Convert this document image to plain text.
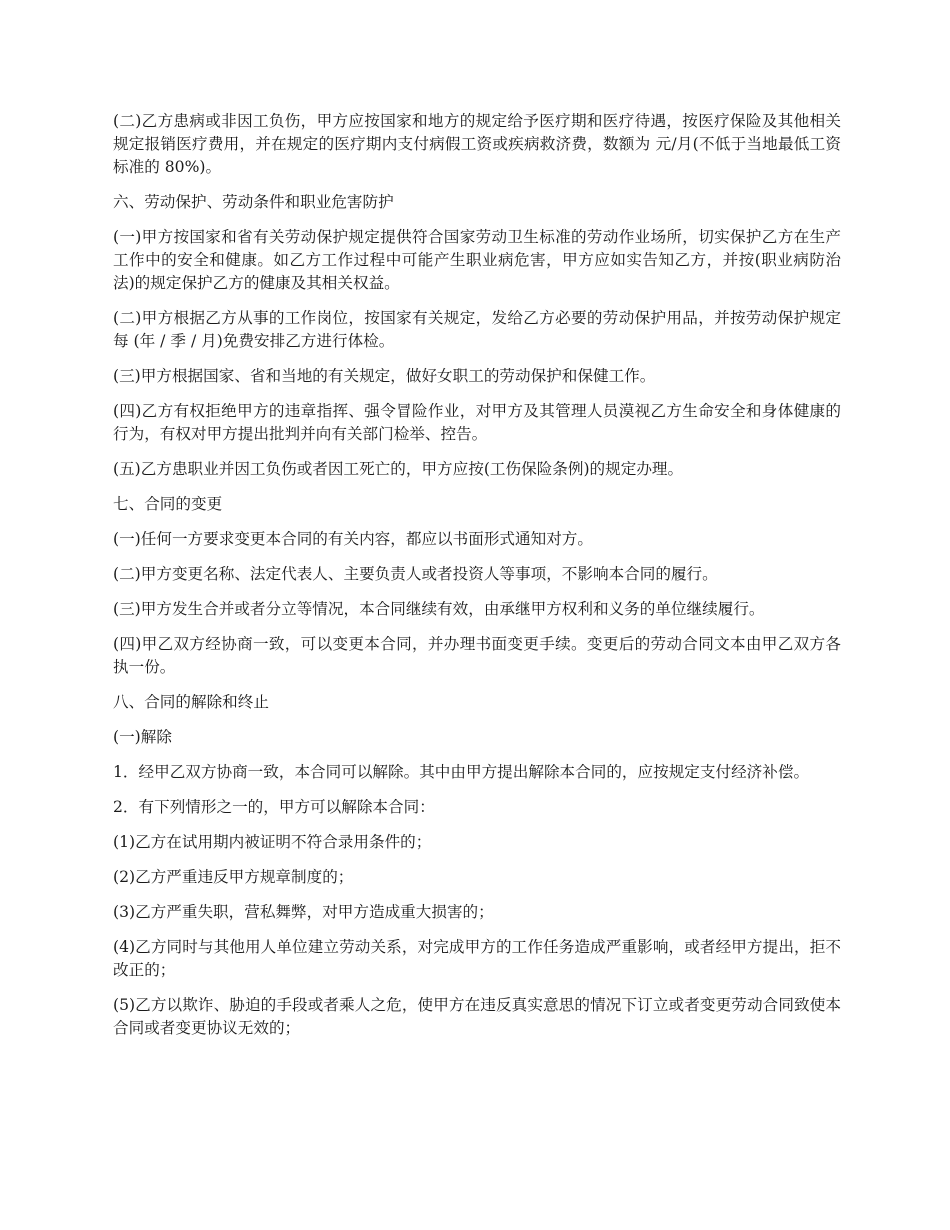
(二)乙方患病或非因工负伤，甲方应按国家和地方的规定给予医疗期和医疗待遇，按医疗保险及其他相关规定报销医疗费用，并在规定的医疗期内支付病假工资或疾病救济费，数额为 元/月(不低于当地最低工资标准的 80%)。

六、劳动保护、劳动条件和职业危害防护

(一)甲方按国家和省有关劳动保护规定提供符合国家劳动卫生标准的劳动作业场所，切实保护乙方在生产工作中的安全和健康。如乙方工作过程中可能产生职业病危害，甲方应如实告知乙方，并按(职业病防治法)的规定保护乙方的健康及其相关权益。

(二)甲方根据乙方从事的工作岗位，按国家有关规定，发给乙方必要的劳动保护用品，并按劳动保护规定每 (年 / 季 / 月)免费安排乙方进行体检。

(三)甲方根据国家、省和当地的有关规定，做好女职工的劳动保护和保健工作。

(四)乙方有权拒绝甲方的违章指挥、强令冒险作业，对甲方及其管理人员漠视乙方生命安全和身体健康的行为，有权对甲方提出批判并向有关部门检举、控告。

(五)乙方患职业并因工负伤或者因工死亡的，甲方应按(工伤保险条例)的规定办理。

七、合同的变更

(一)任何一方要求变更本合同的有关内容，都应以书面形式通知对方。

(二)甲方变更名称、法定代表人、主要负责人或者投资人等事项，不影响本合同的履行。

(三)甲方发生合并或者分立等情况，本合同继续有效，由承继甲方权利和义务的单位继续履行。

(四)甲乙双方经协商一致，可以变更本合同，并办理书面变更手续。变更后的劳动合同文本由甲乙双方各执一份。

八、合同的解除和终止

(一)解除

1．经甲乙双方协商一致，本合同可以解除。其中由甲方提出解除本合同的，应按规定支付经济补偿。

2．有下列情形之一的，甲方可以解除本合同：

(1)乙方在试用期内被证明不符合录用条件的；

(2)乙方严重违反甲方规章制度的；

(3)乙方严重失职，营私舞弊，对甲方造成重大损害的；

(4)乙方同时与其他用人单位建立劳动关系，对完成甲方的工作任务造成严重影响，或者经甲方提出，拒不改正的；

(5)乙方以欺诈、胁迫的手段或者乘人之危，使甲方在违反真实意思的情况下订立或者变更劳动合同致使本合同或者变更协议无效的；
